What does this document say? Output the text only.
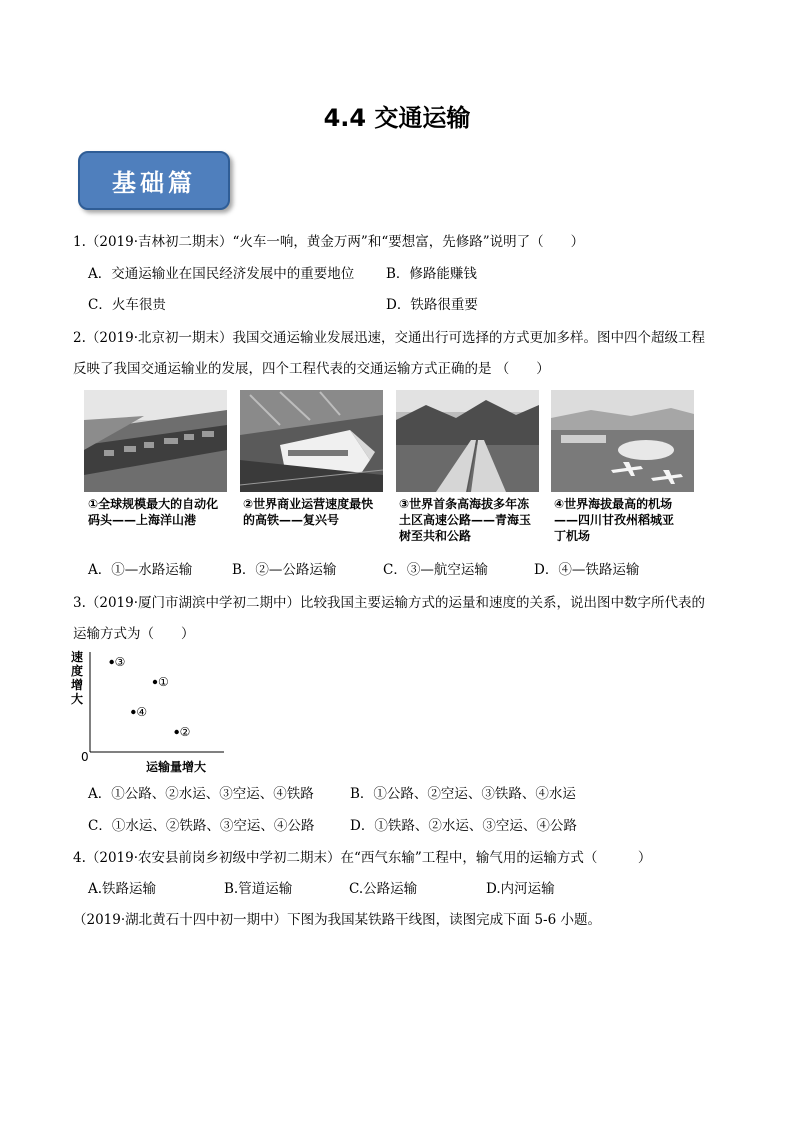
4.4 交通运输
基础篇
1.（2019·吉林初二期末）“火车一响，黄金万两”和“要想富，先修路”说明了（　　）
A．交通运输业在国民经济发展中的重要地位 B．修路能赚钱
C．火车很贵	D．铁路很重要
2.（2019·北京初一期末）我国交通运输业发展迅速，交通出行可选择的方式更加多样。图中四个超级工程
反映了我国交通运输业的发展，四个工程代表的交通运输方式正确的是 （　　）
①全球规模最大的自动化
码头——上海洋山港
②世界商业运营速度最快
的高铁——复兴号
③世界首条高海拔多年冻
土区高速公路——青海玉
树至共和公路
④世界海拔最高的机场
——四川甘孜州稻城亚
丁机场
A．①—水路运输	B．②—公路运输	C．③—航空运输	D．④—铁路运输
3.（2019·厦门市湖滨中学初二期中）比较我国主要运输方式的运量和速度的关系，说出图中数字所代表的
运输方式为（　　）
速
度
增
大
0
运输量增大
③
①
④
②
A．①公路、②水运、③空运、④铁路	B．①公路、②空运、③铁路、④水运
C．①水运、②铁路、③空运、④公路	D．①铁路、②水运、③空运、④公路
4.（2019·农安县前岗乡初级中学初二期末）在“西气东输”工程中，输气用的运输方式（　　　）
A.铁路运输	B.管道运输	C.公路运输	D.内河运输
（2019·湖北黄石十四中初一期中）下图为我国某铁路干线图，读图完成下面 5-6 小题。
